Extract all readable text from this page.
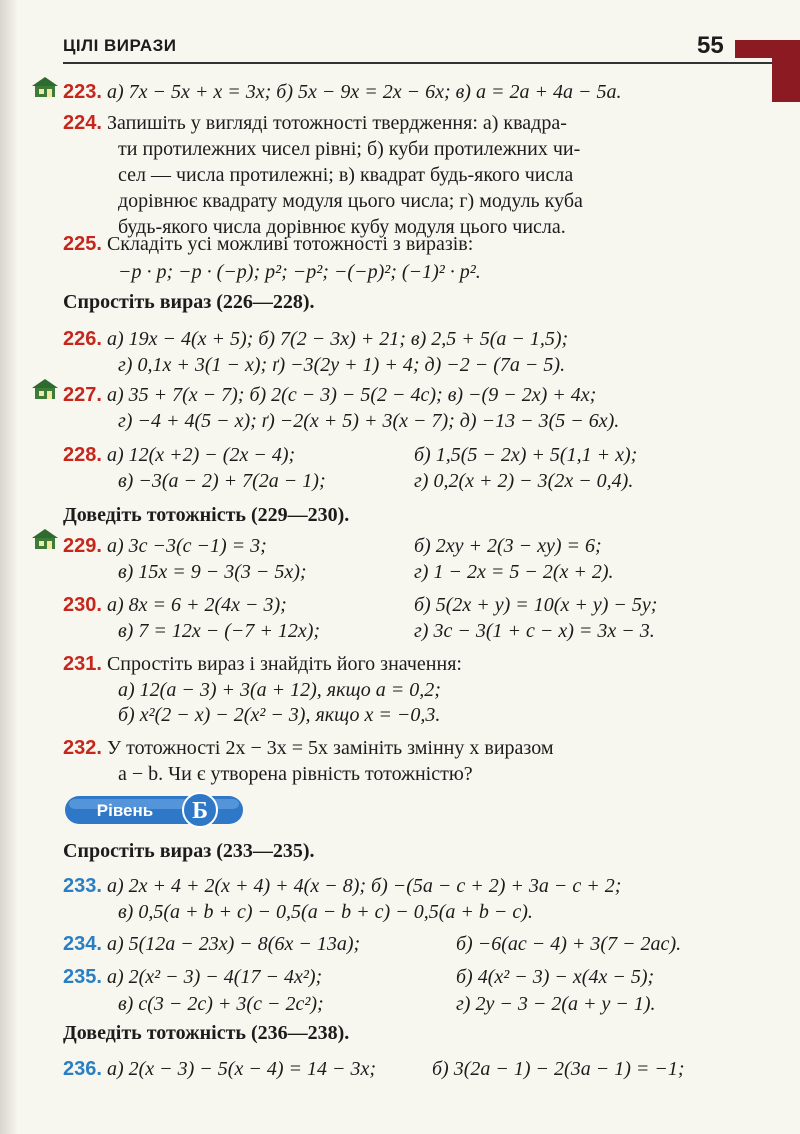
ЦІЛІ ВИРАЗИ	55
223. а) 7x − 5x + x = 3x; б) 5x − 9x = 2x − 6x; в) a = 2a + 4a − 5a.
224. Запишіть у вигляді тотожності твердження: а) квадра-
ти протилежних чисел рівні; б) куби протилежних чи-
сел — числа протилежні; в) квадрат будь-якого числа
дорівнює квадрату модуля цього числа; г) модуль куба
будь-якого числа дорівнює кубу модуля цього числа.
225. Складіть усі можливі тотожності з виразів:
−p · p; −p · (−p); p²; −p²; −(−p)²; (−1)² · p².
Спростіть вираз (226—228).
226. а) 19x − 4(x + 5); б) 7(2 − 3x) + 21; в) 2,5 + 5(a − 1,5);
г) 0,1x + 3(1 − x); ґ) −3(2y + 1) + 4; д) −2 − (7a − 5).
227. а) 35 + 7(x − 7); б) 2(c − 3) − 5(2 − 4c); в) −(9 − 2x) + 4x;
г) −4 + 4(5 − x); ґ) −2(x + 5) + 3(x − 7); д) −13 − 3(5 − 6x).
228. а) 12(x +2) − (2x − 4);	б) 1,5(5 − 2x) + 5(1,1 + x);
в) −3(a − 2) + 7(2a − 1);	г) 0,2(x + 2) − 3(2x − 0,4).
Доведіть тотожність (229—230).
229. а) 3c −3(c −1) = 3;	б) 2xy + 2(3 − xy) = 6;
в) 15x = 9 − 3(3 − 5x);	г) 1 − 2x = 5 − 2(x + 2).
230. а) 8x = 6 + 2(4x − 3);	б) 5(2x + y) = 10(x + y) − 5y;
в) 7 = 12x − (−7 + 12x);	г) 3c − 3(1 + c − x) = 3x − 3.
231. Спростіть вираз і знайдіть його значення:
а) 12(a − 3) + 3(a + 12), якщо a = 0,2;
б) x²(2 − x) − 2(x² − 3), якщо x = −0,3.
232. У тотожності 2x − 3x = 5x замініть змінну x виразом
a − b. Чи є утворена рівність тотожністю?
Рівень Б
Спростіть вираз (233—235).
233. а) 2x + 4 + 2(x + 4) + 4(x − 8); б) −(5a − c + 2) + 3a − c + 2;
в) 0,5(a + b + c) − 0,5(a − b + c) − 0,5(a + b − c).
234. а) 5(12a − 23x) − 8(6x − 13a);	б) −6(ac − 4) + 3(7 − 2ac).
235. а) 2(x² − 3) − 4(17 − 4x²);	б) 4(x² − 3) − x(4x − 5);
в) c(3 − 2c) + 3(c − 2c²);	г) 2y − 3 − 2(a + y − 1).
Доведіть тотожність (236—238).
236. а) 2(x − 3) − 5(x − 4) = 14 − 3x;	б) 3(2a − 1) − 2(3a − 1) = −1;
